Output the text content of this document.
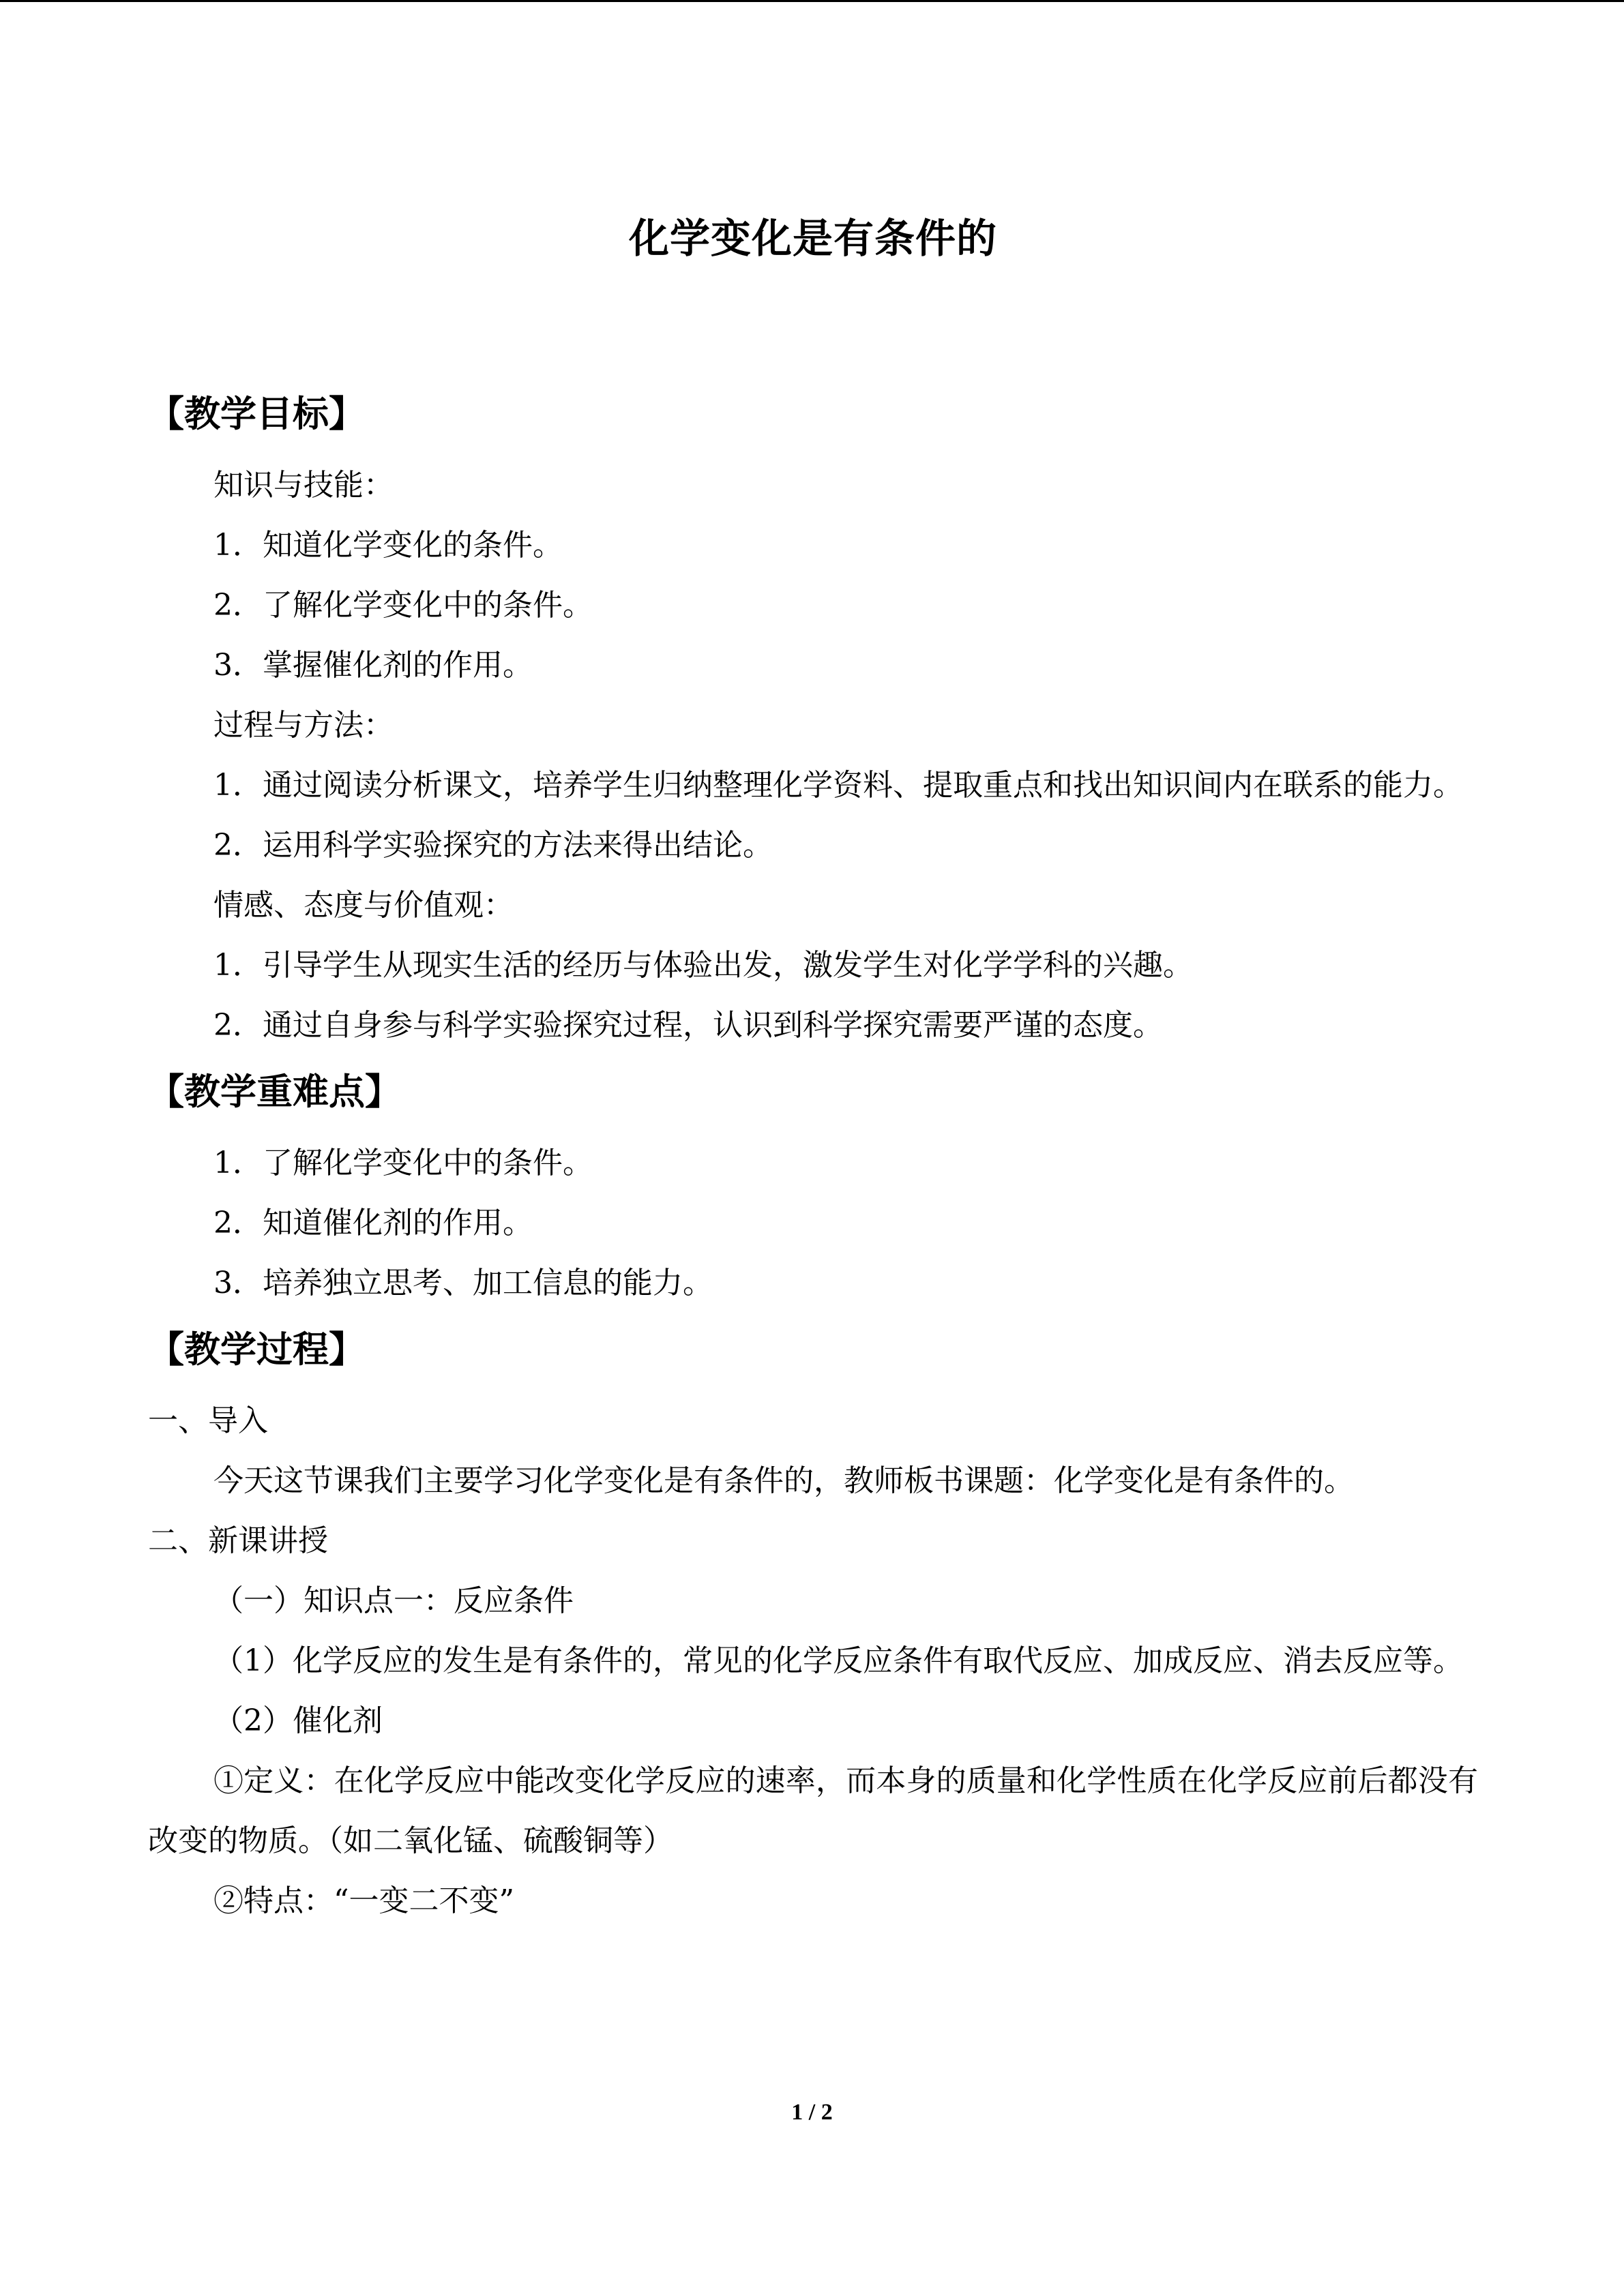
化学变化是有条件的
【教学目标】

知识与技能：

1．知道化学变化的条件。

2．了解化学变化中的条件。

3．掌握催化剂的作用。

过程与方法：

1．通过阅读分析课文，培养学生归纳整理化学资料、提取重点和找出知识间内在联系的能力。

2．运用科学实验探究的方法来得出结论。

情感、态度与价值观：

1．引导学生从现实生活的经历与体验出发，激发学生对化学学科的兴趣。

2．通过自身参与科学实验探究过程，认识到科学探究需要严谨的态度。

【教学重难点】

1．了解化学变化中的条件。

2．知道催化剂的作用。

3．培养独立思考、加工信息的能力。

【教学过程】

一、导入

今天这节课我们主要学习化学变化是有条件的，教师板书课题：化学变化是有条件的。

二、新课讲授

（一）知识点一：反应条件

（1）化学反应的发生是有条件的，常见的化学反应条件有取代反应、加成反应、消去反应等。

（2）催化剂

①定义：在化学反应中能改变化学反应的速率，而本身的质量和化学性质在化学反应前后都没有改变的物质。（如二氧化锰、硫酸铜等）

②特点：“一变二不变”

1 / 2
